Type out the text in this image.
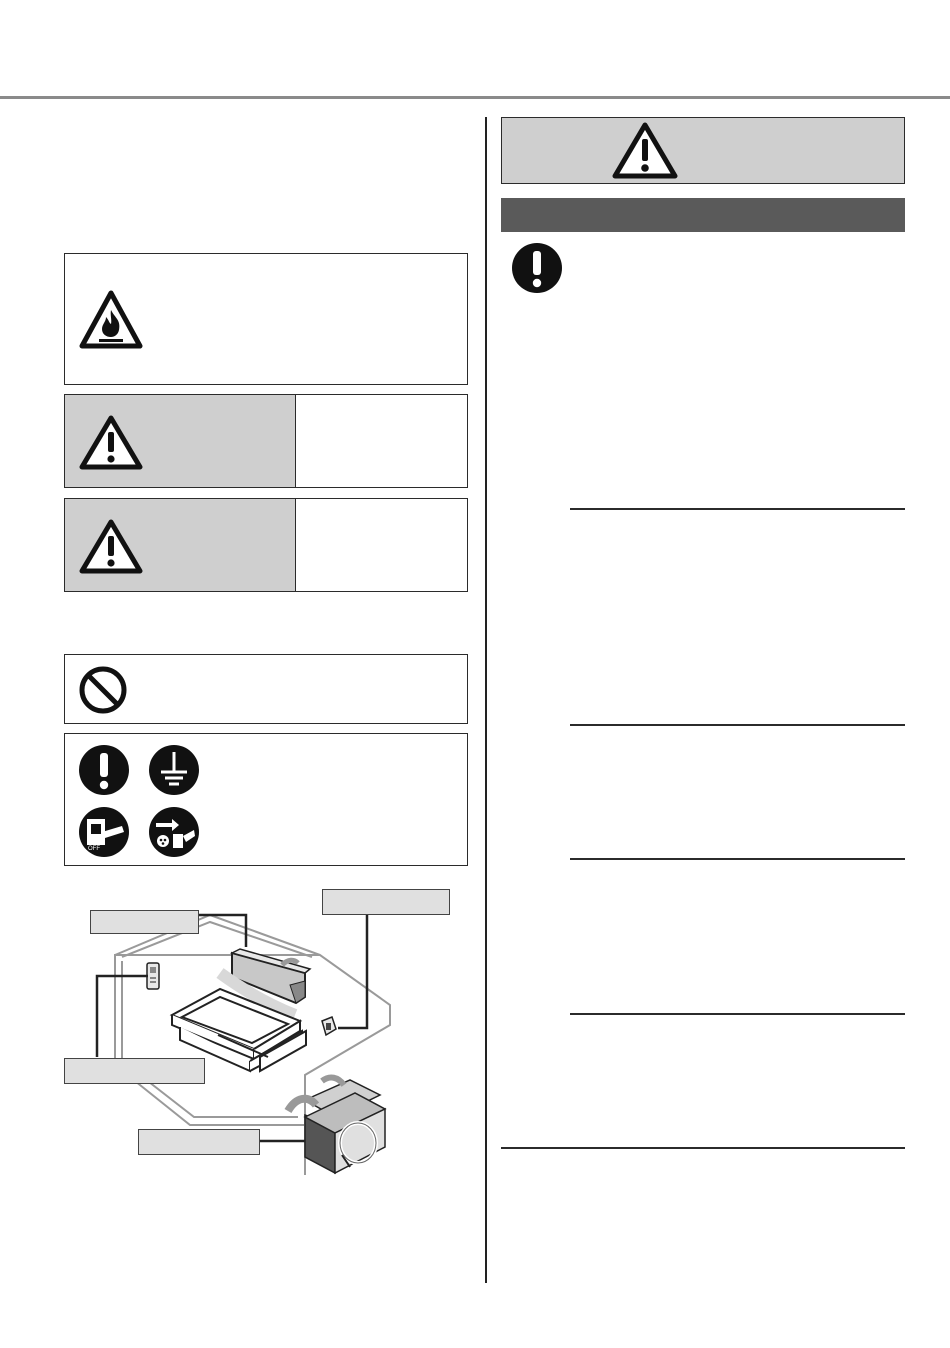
OFF
